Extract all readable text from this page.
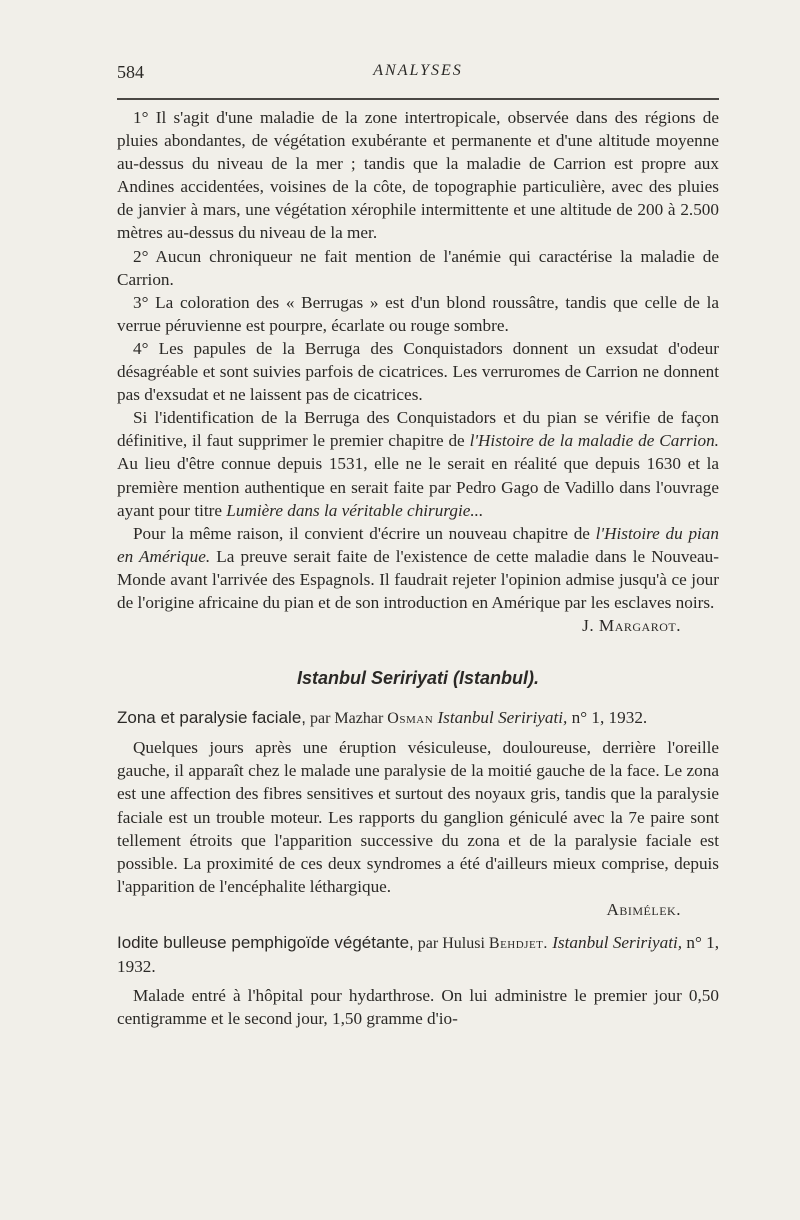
584	ANALYSES

1° Il s'agit d'une maladie de la zone intertropicale, observée dans des régions de pluies abondantes, de végétation exubérante et permanente et d'une altitude moyenne au-dessus du niveau de la mer ; tandis que la maladie de Carrion est propre aux Andines accidentées, voisines de la côte, de topographie particulière, avec des pluies de janvier à mars, une végétation xérophile intermittente et une altitude de 200 à 2.500 mètres au-dessus du niveau de la mer.

2° Aucun chroniqueur ne fait mention de l'anémie qui caractérise la maladie de Carrion.

3° La coloration des « Berrugas » est d'un blond roussâtre, tandis que celle de la verrue péruvienne est pourpre, écarlate ou rouge sombre.

4° Les papules de la Berruga des Conquistadors donnent un exsudat d'odeur désagréable et sont suivies parfois de cicatrices. Les verruromes de Carrion ne donnent pas d'exsudat et ne laissent pas de cicatrices.

Si l'identification de la Berruga des Conquistadors et du pian se vérifie de façon définitive, il faut supprimer le premier chapitre de l'Histoire de la maladie de Carrion. Au lieu d'être connue depuis 1531, elle ne le serait en réalité que depuis 1630 et la première mention authentique en serait faite par Pedro Gago de Vadillo dans l'ouvrage ayant pour titre Lumière dans la véritable chirurgie...

Pour la même raison, il convient d'écrire un nouveau chapitre de l'Histoire du pian en Amérique. La preuve serait faite de l'existence de cette maladie dans le Nouveau-Monde avant l'arrivée des Espagnols. Il faudrait rejeter l'opinion admise jusqu'à ce jour de l'origine africaine du pian et de son introduction en Amérique par les esclaves noirs.

J. Margarot.

Istanbul Seririyati (Istanbul).

Zona et paralysie faciale, par Mazhar Osman Istanbul Seririyati, n° 1, 1932.

Quelques jours après une éruption vésiculeuse, douloureuse, derrière l'oreille gauche, il apparaît chez le malade une paralysie de la moitié gauche de la face. Le zona est une affection des fibres sensitives et surtout des noyaux gris, tandis que la paralysie faciale est un trouble moteur. Les rapports du ganglion géniculé avec la 7e paire sont tellement étroits que l'apparition successive du zona et de la paralysie faciale est possible. La proximité de ces deux syndromes a été d'ailleurs mieux comprise, depuis l'apparition de l'encéphalite léthargique.

Abimélek.

Iodite bulleuse pemphigoïde végétante, par Hulusi Behdjet. Istanbul Seririyati, n° 1, 1932.

Malade entré à l'hôpital pour hydarthrose. On lui administre le premier jour 0,50 centigramme et le second jour, 1,50 gramme d'io-
